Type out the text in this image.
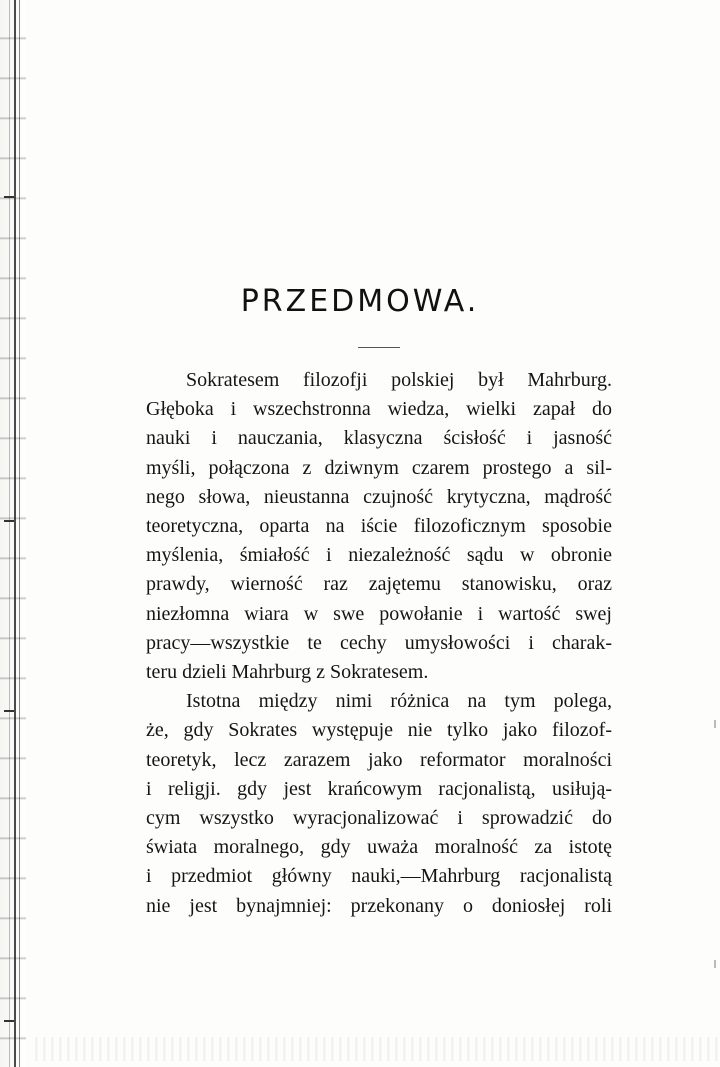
PRZEDMOWA.
Sokratesem filozofji polskiej był Mahrburg.
Głęboka i wszechstronna wiedza, wielki zapał do
nauki i nauczania, klasyczna ścisłość i jasność
myśli, połączona z dziwnym czarem prostego a sil-
nego słowa, nieustanna czujność krytyczna, mądrość
teoretyczna, oparta na iście filozoficznym sposobie
myślenia, śmiałość i niezależność sądu w obronie
prawdy, wierność raz zajętemu stanowisku, oraz
niezłomna wiara w swe powołanie i wartość swej
pracy—wszystkie te cechy umysłowości i charak-
teru dzieli Mahrburg z Sokratesem.
Istotna między nimi różnica na tym polega,
że, gdy Sokrates występuje nie tylko jako filozof-
teoretyk, lecz zarazem jako reformator moralności
i religji. gdy jest krańcowym racjonalistą, usiłują-
cym wszystko wyracjonalizować i sprowadzić do
świata moralnego, gdy uważa moralność za istotę
i przedmiot główny nauki,—Mahrburg racjonalistą
nie jest bynajmniej: przekonany o doniosłej roli
